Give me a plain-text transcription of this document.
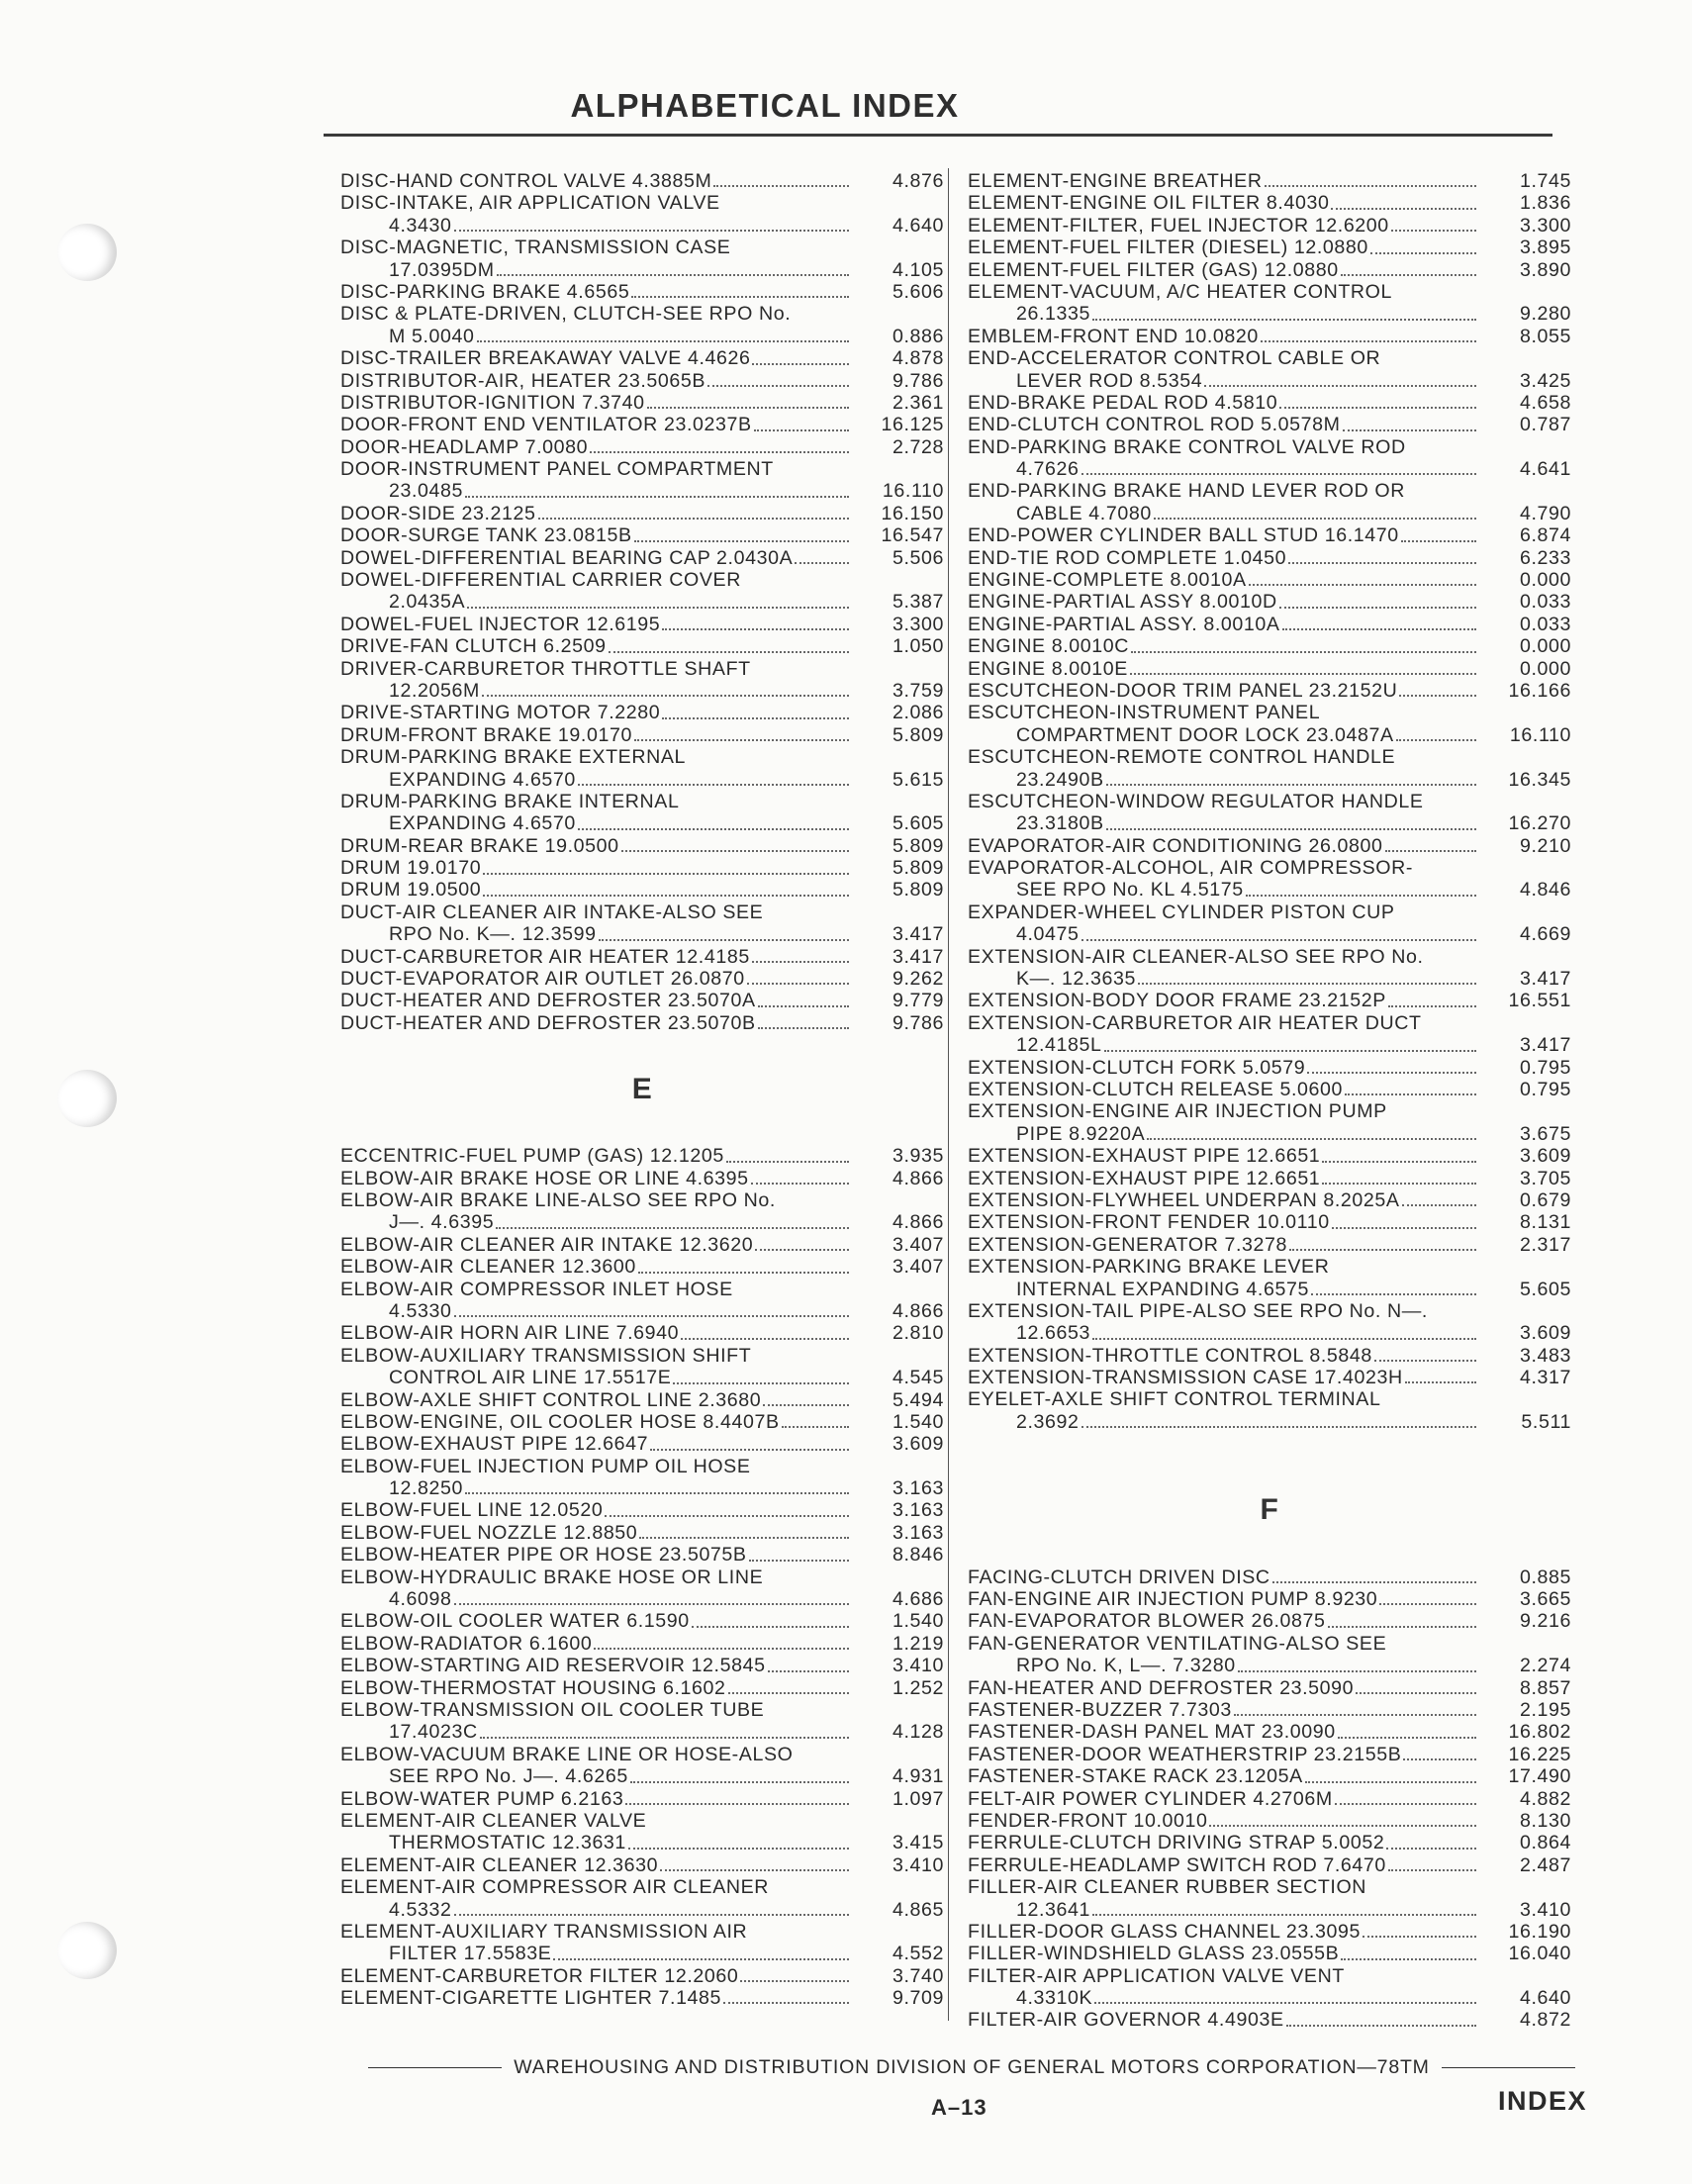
ALPHABETICAL INDEX
DISC-HAND CONTROL VALVE 4.3885M	4.876
DISC-INTAKE, AIR APPLICATION VALVE
4.3430	4.640
DISC-MAGNETIC, TRANSMISSION CASE
17.0395DM	4.105
DISC-PARKING BRAKE 4.6565	5.606
DISC & PLATE-DRIVEN, CLUTCH-SEE RPO No.
M 5.0040	0.886
DISC-TRAILER BREAKAWAY VALVE 4.4626	4.878
DISTRIBUTOR-AIR, HEATER 23.5065B	9.786
DISTRIBUTOR-IGNITION 7.3740	2.361
DOOR-FRONT END VENTILATOR 23.0237B	16.125
DOOR-HEADLAMP 7.0080	2.728
DOOR-INSTRUMENT PANEL COMPARTMENT
23.0485	16.110
DOOR-SIDE 23.2125	16.150
DOOR-SURGE TANK 23.0815B	16.547
DOWEL-DIFFERENTIAL BEARING CAP 2.0430A	5.506
DOWEL-DIFFERENTIAL CARRIER COVER
2.0435A	5.387
DOWEL-FUEL INJECTOR 12.6195	3.300
DRIVE-FAN CLUTCH 6.2509	1.050
DRIVER-CARBURETOR THROTTLE SHAFT
12.2056M	3.759
DRIVE-STARTING MOTOR 7.2280	2.086
DRUM-FRONT BRAKE 19.0170	5.809
DRUM-PARKING BRAKE EXTERNAL
EXPANDING 4.6570	5.615
DRUM-PARKING BRAKE INTERNAL
EXPANDING 4.6570	5.605
DRUM-REAR BRAKE 19.0500	5.809
DRUM 19.0170	5.809
DRUM 19.0500	5.809
DUCT-AIR CLEANER AIR INTAKE-ALSO SEE
RPO No. K—. 12.3599	3.417
DUCT-CARBURETOR AIR HEATER 12.4185	3.417
DUCT-EVAPORATOR AIR OUTLET 26.0870	9.262
DUCT-HEATER AND DEFROSTER 23.5070A	9.779
DUCT-HEATER AND DEFROSTER 23.5070B	9.786
E
ECCENTRIC-FUEL PUMP (GAS) 12.1205	3.935
ELBOW-AIR BRAKE HOSE OR LINE 4.6395	4.866
ELBOW-AIR BRAKE LINE-ALSO SEE RPO No.
J—. 4.6395	4.866
ELBOW-AIR CLEANER AIR INTAKE 12.3620	3.407
ELBOW-AIR CLEANER 12.3600	3.407
ELBOW-AIR COMPRESSOR INLET HOSE
4.5330	4.866
ELBOW-AIR HORN AIR LINE 7.6940	2.810
ELBOW-AUXILIARY TRANSMISSION SHIFT
CONTROL AIR LINE 17.5517E	4.545
ELBOW-AXLE SHIFT CONTROL LINE 2.3680	5.494
ELBOW-ENGINE, OIL COOLER HOSE 8.4407B	1.540
ELBOW-EXHAUST PIPE 12.6647	3.609
ELBOW-FUEL INJECTION PUMP OIL HOSE
12.8250	3.163
ELBOW-FUEL LINE 12.0520	3.163
ELBOW-FUEL NOZZLE 12.8850	3.163
ELBOW-HEATER PIPE OR HOSE 23.5075B	8.846
ELBOW-HYDRAULIC BRAKE HOSE OR LINE
4.6098	4.686
ELBOW-OIL COOLER WATER 6.1590	1.540
ELBOW-RADIATOR 6.1600	1.219
ELBOW-STARTING AID RESERVOIR 12.5845	3.410
ELBOW-THERMOSTAT HOUSING 6.1602	1.252
ELBOW-TRANSMISSION OIL COOLER TUBE
17.4023C	4.128
ELBOW-VACUUM BRAKE LINE OR HOSE-ALSO
SEE RPO No. J—. 4.6265	4.931
ELBOW-WATER PUMP 6.2163	1.097
ELEMENT-AIR CLEANER VALVE
THERMOSTATIC 12.3631	3.415
ELEMENT-AIR CLEANER 12.3630	3.410
ELEMENT-AIR COMPRESSOR AIR CLEANER
4.5332	4.865
ELEMENT-AUXILIARY TRANSMISSION AIR
FILTER 17.5583E	4.552
ELEMENT-CARBURETOR FILTER 12.2060	3.740
ELEMENT-CIGARETTE LIGHTER 7.1485	9.709
ELEMENT-ENGINE BREATHER	1.745
ELEMENT-ENGINE OIL FILTER 8.4030	1.836
ELEMENT-FILTER, FUEL INJECTOR 12.6200	3.300
ELEMENT-FUEL FILTER (DIESEL) 12.0880	3.895
ELEMENT-FUEL FILTER (GAS) 12.0880	3.890
ELEMENT-VACUUM, A/C HEATER CONTROL
26.1335	9.280
EMBLEM-FRONT END 10.0820	8.055
END-ACCELERATOR CONTROL CABLE OR
LEVER ROD 8.5354	3.425
END-BRAKE PEDAL ROD 4.5810	4.658
END-CLUTCH CONTROL ROD 5.0578M	0.787
END-PARKING BRAKE CONTROL VALVE ROD
4.7626	4.641
END-PARKING BRAKE HAND LEVER ROD OR
CABLE 4.7080	4.790
END-POWER CYLINDER BALL STUD 16.1470	6.874
END-TIE ROD COMPLETE 1.0450	6.233
ENGINE-COMPLETE 8.0010A	0.000
ENGINE-PARTIAL ASSY 8.0010D	0.033
ENGINE-PARTIAL ASSY. 8.0010A	0.033
ENGINE 8.0010C	0.000
ENGINE 8.0010E	0.000
ESCUTCHEON-DOOR TRIM PANEL 23.2152U	16.166
ESCUTCHEON-INSTRUMENT PANEL
COMPARTMENT DOOR LOCK 23.0487A	16.110
ESCUTCHEON-REMOTE CONTROL HANDLE
23.2490B	16.345
ESCUTCHEON-WINDOW REGULATOR HANDLE
23.3180B	16.270
EVAPORATOR-AIR CONDITIONING 26.0800	9.210
EVAPORATOR-ALCOHOL, AIR COMPRESSOR-
SEE RPO No. KL 4.5175	4.846
EXPANDER-WHEEL CYLINDER PISTON CUP
4.0475	4.669
EXTENSION-AIR CLEANER-ALSO SEE RPO No.
K—. 12.3635	3.417
EXTENSION-BODY DOOR FRAME 23.2152P	16.551
EXTENSION-CARBURETOR AIR HEATER DUCT
12.4185L	3.417
EXTENSION-CLUTCH FORK 5.0579	0.795
EXTENSION-CLUTCH RELEASE 5.0600	0.795
EXTENSION-ENGINE AIR INJECTION PUMP
PIPE 8.9220A	3.675
EXTENSION-EXHAUST PIPE 12.6651	3.609
EXTENSION-EXHAUST PIPE 12.6651	3.705
EXTENSION-FLYWHEEL UNDERPAN 8.2025A	0.679
EXTENSION-FRONT FENDER 10.0110	8.131
EXTENSION-GENERATOR 7.3278	2.317
EXTENSION-PARKING BRAKE LEVER
INTERNAL EXPANDING 4.6575	5.605
EXTENSION-TAIL PIPE-ALSO SEE RPO No. N—.
12.6653	3.609
EXTENSION-THROTTLE CONTROL 8.5848	3.483
EXTENSION-TRANSMISSION CASE 17.4023H	4.317
EYELET-AXLE SHIFT CONTROL TERMINAL
2.3692	5.511
F
FACING-CLUTCH DRIVEN DISC	0.885
FAN-ENGINE AIR INJECTION PUMP 8.9230	3.665
FAN-EVAPORATOR BLOWER 26.0875	9.216
FAN-GENERATOR VENTILATING-ALSO SEE
RPO No. K, L—. 7.3280	2.274
FAN-HEATER AND DEFROSTER 23.5090	8.857
FASTENER-BUZZER 7.7303	2.195
FASTENER-DASH PANEL MAT 23.0090	16.802
FASTENER-DOOR WEATHERSTRIP 23.2155B	16.225
FASTENER-STAKE RACK 23.1205A	17.490
FELT-AIR POWER CYLINDER 4.2706M	4.882
FENDER-FRONT 10.0010	8.130
FERRULE-CLUTCH DRIVING STRAP 5.0052	0.864
FERRULE-HEADLAMP SWITCH ROD 7.6470	2.487
FILLER-AIR CLEANER RUBBER SECTION
12.3641	3.410
FILLER-DOOR GLASS CHANNEL 23.3095	16.190
FILLER-WINDSHIELD GLASS 23.0555B	16.040
FILTER-AIR APPLICATION VALVE VENT
4.3310K	4.640
FILTER-AIR GOVERNOR 4.4903E	4.872
WAREHOUSING AND DISTRIBUTION DIVISION OF GENERAL MOTORS CORPORATION—78TM
A–13	INDEX
